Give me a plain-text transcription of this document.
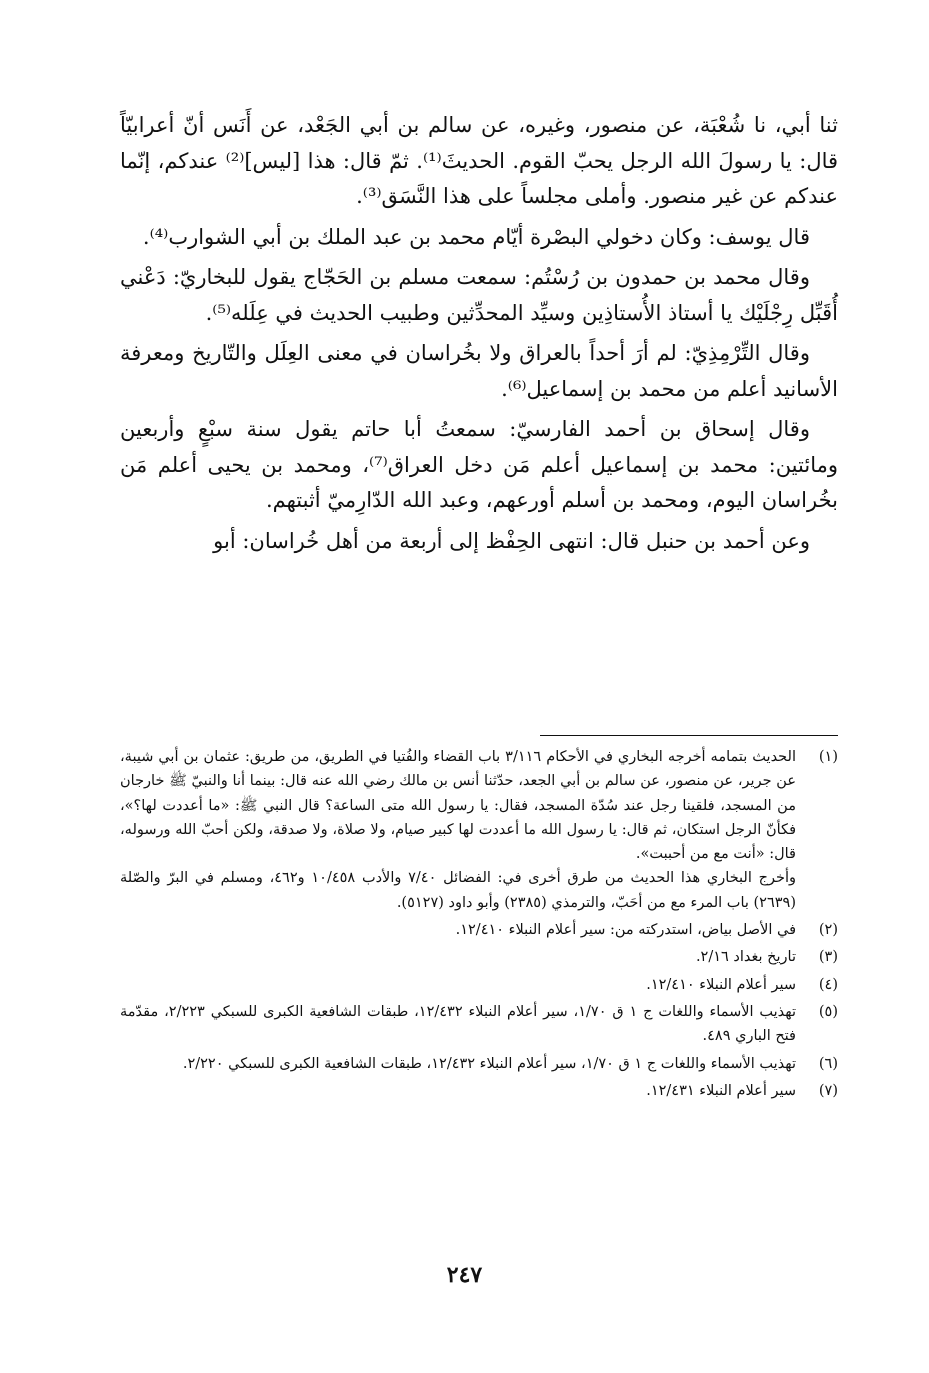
ثنا أبي، نا شُعْبَة، عن منصور، وغيره، عن سالم بن أبي الجَعْد، عن أَنَس أنّ أعرابيّاً قال: يا رسولَ الله الرجل يحبّ القوم. الحديثَ⁽¹⁾. ثمّ قال: هذا [ليس]⁽²⁾ عندكم، إنّما عندكم عن غير منصور. وأملى مجلساً على هذا النَّسَق⁽³⁾.

قال يوسف: وكان دخولي البصْرة أيّام محمد بن عبد الملك بن أبي الشوارب⁽⁴⁾.

وقال محمد بن حمدون بن رُسْتُم: سمعت مسلم بن الحَجّاج يقول للبخاريّ: دَعْني أُقَبِّل رِجْلَيْك يا أستاذ الأُستاذِين وسيِّد المحدِّثين وطبيب الحديث في عِلَله⁽⁵⁾.

وقال التِّرْمِذِيّ: لم أرَ أحداً بالعراق ولا بخُراسان في معنى العِلَل والتّاريخ ومعرفة الأسانيد أعلم من محمد بن إسماعيل⁽⁶⁾.

وقال إسحاق بن أحمد الفارسيّ: سمعتُ أبا حاتم يقول سنة سبْعٍ وأربعين ومائتين: محمد بن إسماعيل أعلم مَن دخل العراق⁽⁷⁾، ومحمد بن يحيى أعلم مَن بخُراسان اليوم، ومحمد بن أسلم أورعهم، وعبد الله الدّارِميّ أثبتهم.

وعن أحمد بن حنبل قال: انتهى الحِفْظ إلى أربعة من أهل خُراسان: أبو

(١)
الحديث بتمامه أخرجه البخاري في الأحكام ٣/١١٦ باب القضاء والفُتيا في الطريق، من طريق: عثمان بن أبي شيبة، عن جرير، عن منصور، عن سالم بن أبي الجعد، حدّثنا أنس بن مالك رضي الله عنه قال: بينما أنا والنبيّ ﷺ خارجان من المسجد، فلقينا رجل عند سُدّة المسجد، فقال: يا رسول الله متى الساعة؟ قال النبي ﷺ: «ما أعددت لها؟»، فكأنّ الرجل استكان، ثم قال: يا رسول الله ما أعددت لها كبير صيام، ولا صلاة، ولا صدقة، ولكن أحبّ الله ورسوله، قال: «أنت مع من أحببت».
وأخرج البخاري هذا الحديث من طرق أخرى في: الفضائل ٧/٤٠ والأدب ١٠/٤٥٨ و٤٦٢، ومسلم في البرّ والصّلة (٢٦٣٩) باب المرء مع من أحَبّ، والترمذي (٢٣٨٥) وأبو داود (٥١٢٧).
(٢)
في الأصل بياض، استدركته من: سير أعلام النبلاء ١٢/٤١٠.
(٣)
تاريخ بغداد ٢/١٦.
(٤)
سير أعلام النبلاء ١٢/٤١٠.
(٥)
تهذيب الأسماء واللغات ج ١ ق ١/٧٠، سير أعلام النبلاء ١٢/٤٣٢، طبقات الشافعية الكبرى للسبكي ٢/٢٢٣، مقدّمة فتح الباري ٤٨٩.
(٦)
تهذيب الأسماء واللغات ج ١ ق ١/٧٠، سير أعلام النبلاء ١٢/٤٣٢، طبقات الشافعية الكبرى للسبكي ٢/٢٢٠.
(٧)
سير أعلام النبلاء ١٢/٤٣١.
٢٤٧
